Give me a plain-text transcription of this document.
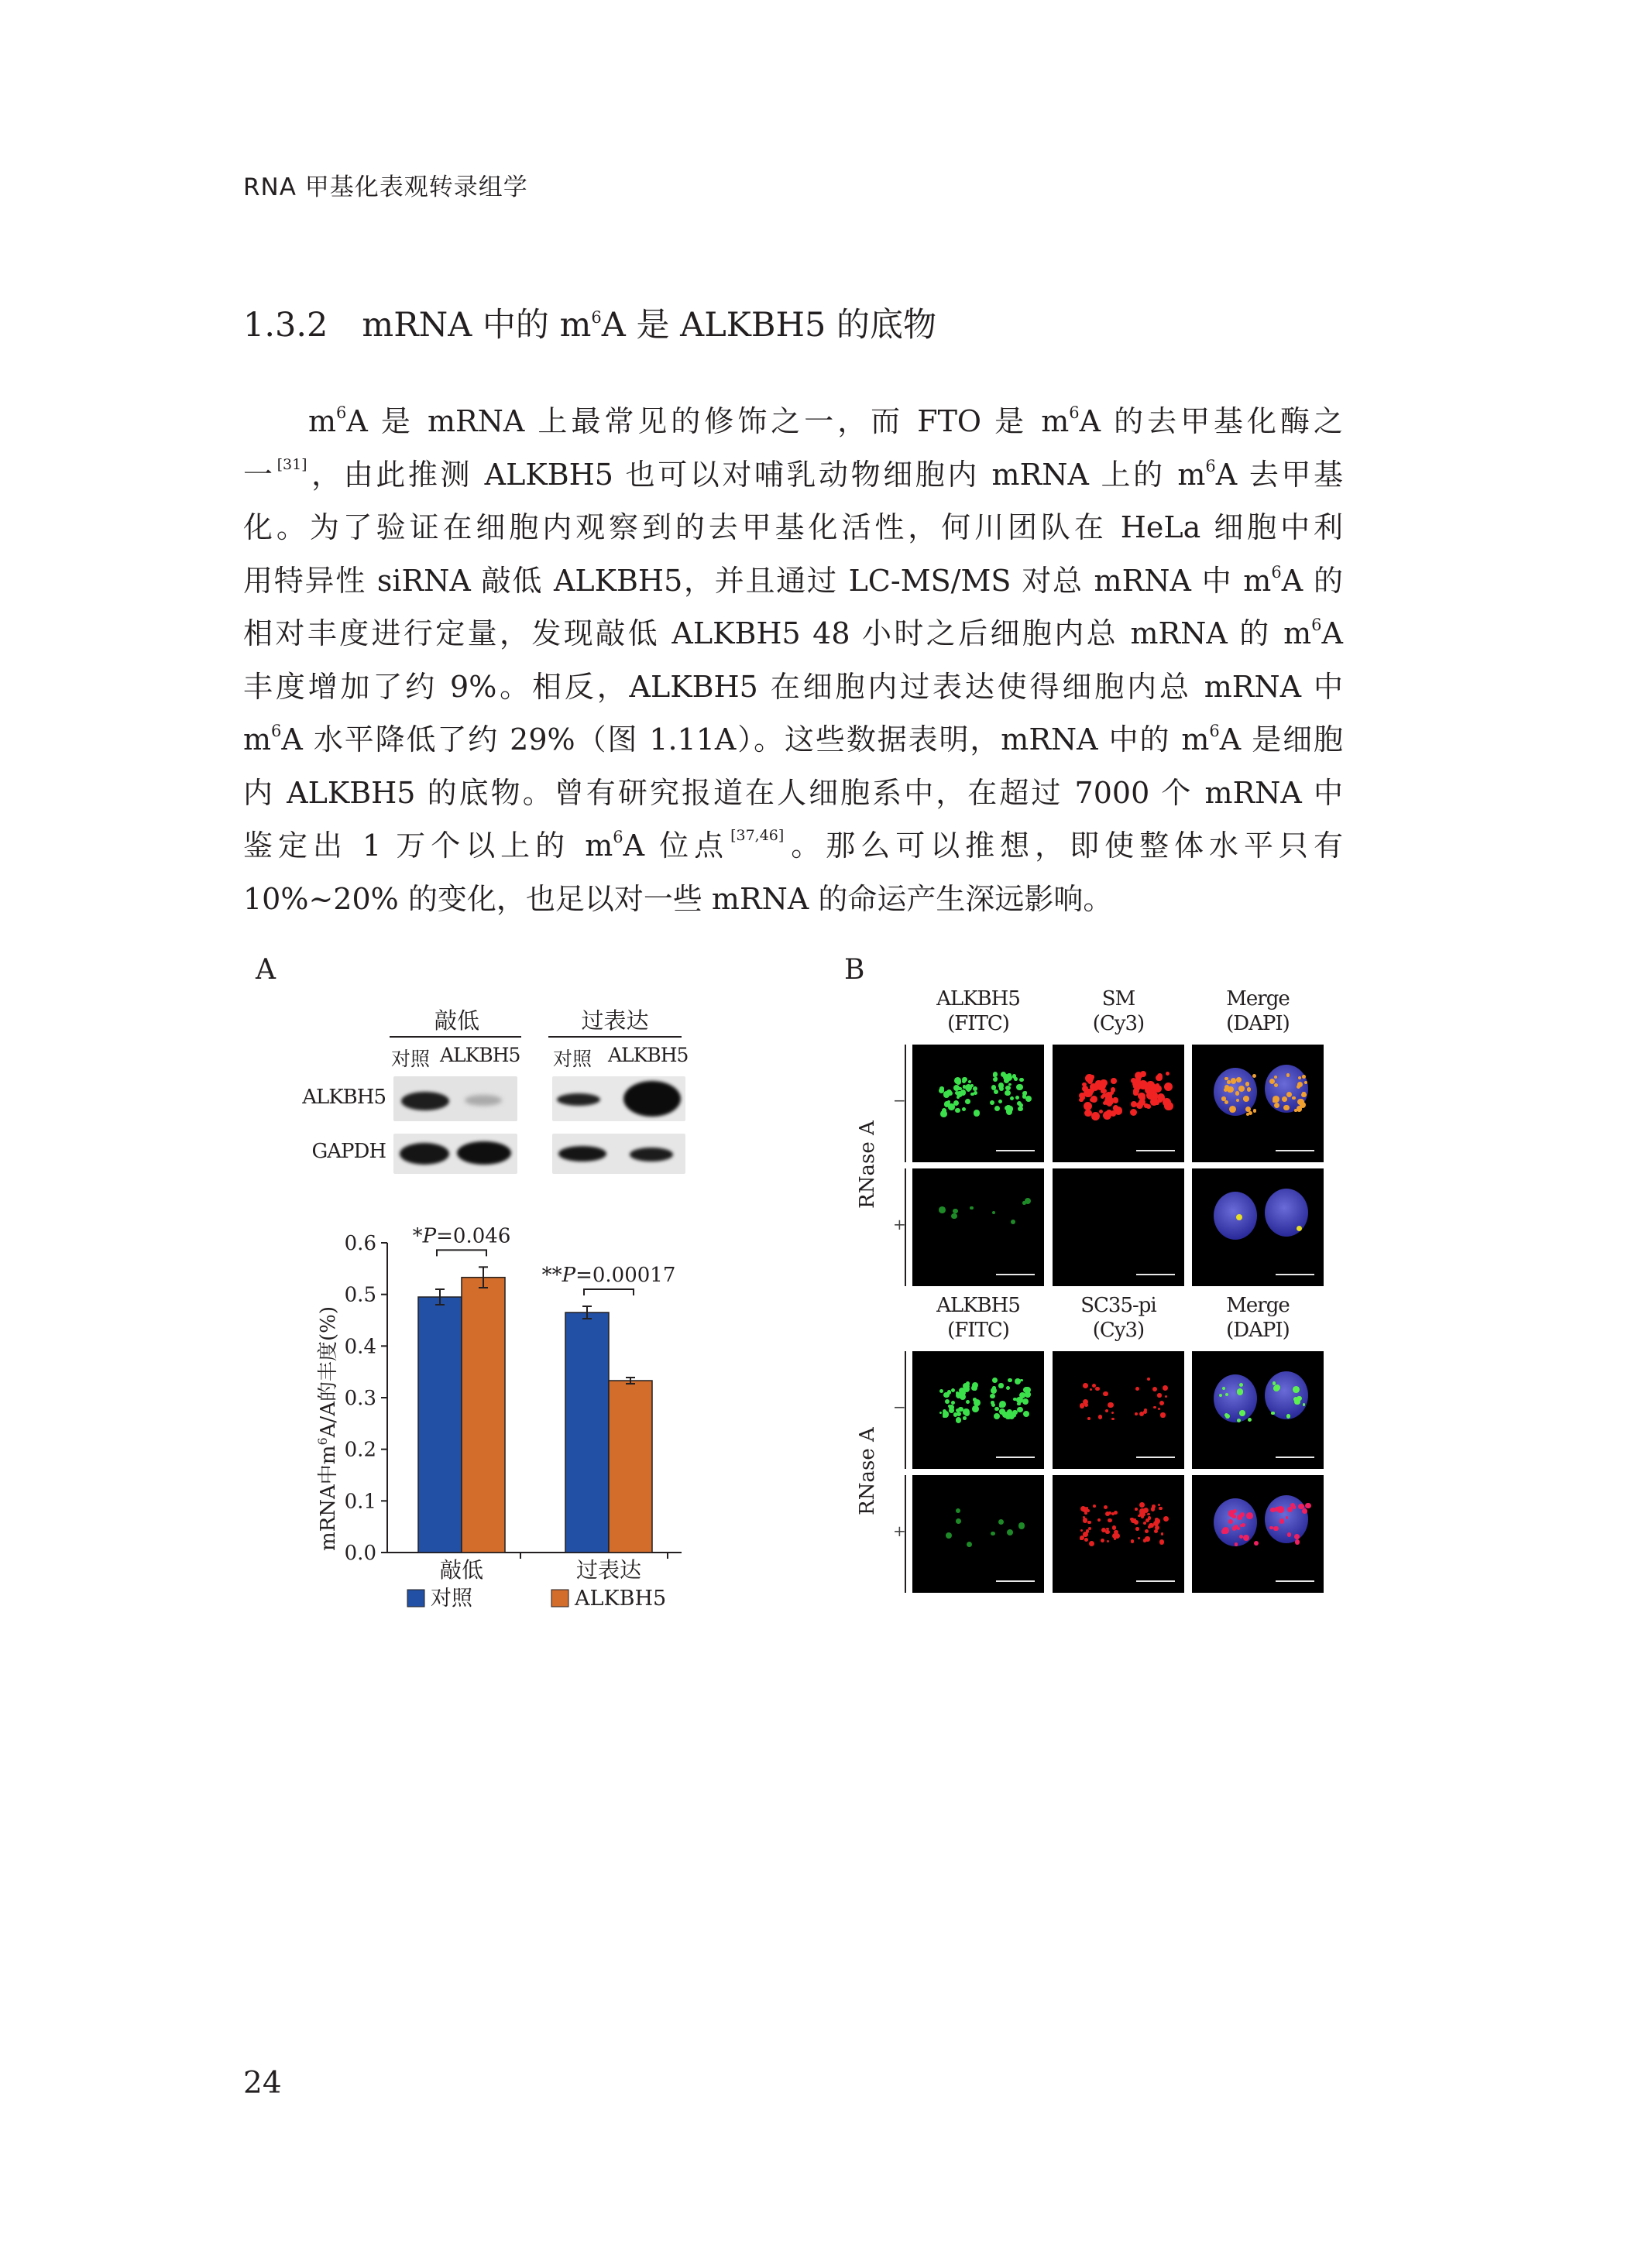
RNA 甲基化表观转录组学
1.3.2 mRNA 中的 $m^6A$ 是 ALKBH5 的底物
$m^6A$ 是 mRNA 上最常见的修饰之一，而 FTO 是 $m^6A$ 的去甲基化酶之
一 [31]，由此推测 ALKBH5 也可以对哺乳动物细胞内 mRNA 上的 $m^6A$ 去甲基
化。为了验证在细胞内观察到的去甲基化活性，何川团队在 HeLa 细胞中利
用特异性 siRNA 敲低 ALKBH5，并且通过 LC-MS/MS 对总 mRNA 中 $m^6A$ 的
相对丰度进行定量，发现敲低 ALKBH5 48 小时之后细胞内总 mRNA 的 $m^6A$
丰度增加了约 9%。相反，ALKBH5 在细胞内过表达使得细胞内总 mRNA 中
$m^6A$ 水平降低了约 29%（图 1.11A）。这些数据表明，mRNA 中的 $m^6A$ 是细胞
内 ALKBH5 的底物。曾有研究报道在人细胞系中，在超过 7000 个 mRNA 中
鉴定出 1 万个以上的 $m^6A$ 位点 [37,46]。那么可以推想，即使整体水平只有
10%~20% 的变化，也足以对一些 mRNA 的命运产生深远影响。
A
敲低	过表达
对照 ALKBH5 对照 ALKBH5
ALKBH5
GAPDH
mRNA中$m^6A/A$的丰度(%)
0.0
0.1
0.2
0.3
0.4
0.5
0.6
敲低
*P=0.046
过表达
**P=0.00017
对照	ALKBH5
B
ALKBH5
(FITC)
SM
(Cy3)
Merge
(DAPI)
RNase A
−
+
ALKBH5
(FITC)
SC35-pi
(Cy3)
Merge
(DAPI)
RNase A
−
+
24
